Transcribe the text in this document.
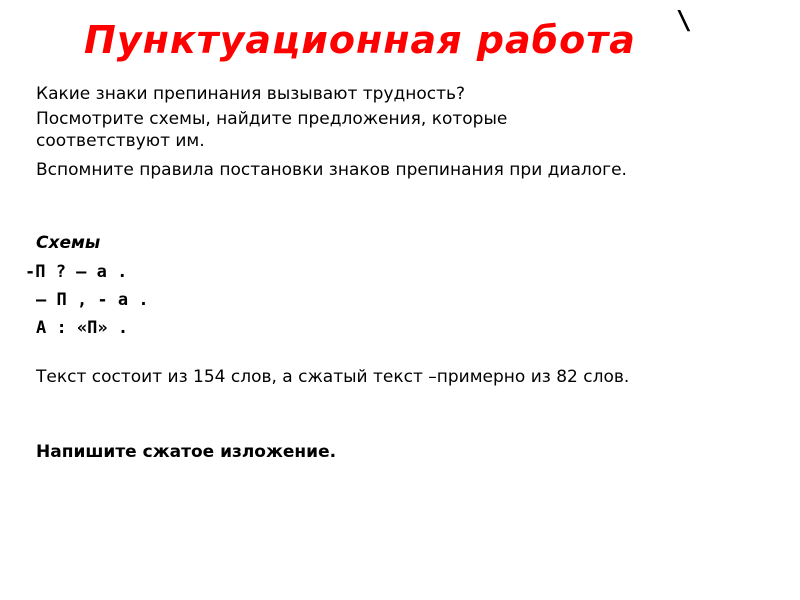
Пунктуационная работа \

Какие знаки препинания вызывают трудность?

Посмотрите схемы, найдите предложения, которые соответствуют им.

Вспомните правила постановки знаков препинания при диалоге.

Схемы

-П ? – а .

– П , - а .

А : «П» .

Текст состоит из 154 слов, а сжатый текст –примерно из 82 слов.

Напишите сжатое изложение.
